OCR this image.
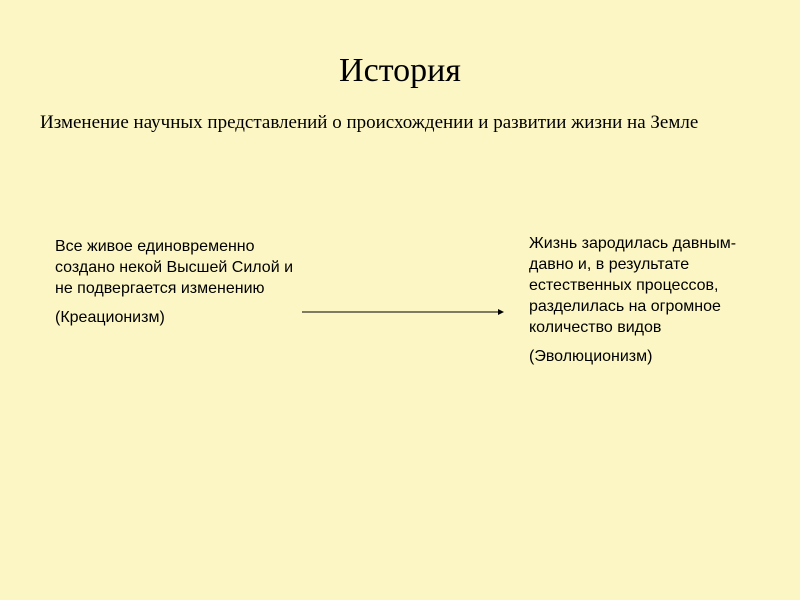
История
Изменение научных представлений о происхождении и развитии жизни на Земле

Все живое единовременно создано некой Высшей Силой и не подвергается изменению

(Креационизм)

Жизнь зародилась давным-давно и, в результате естественных процессов, разделилась на огромное количество видов

(Эволюционизм)
